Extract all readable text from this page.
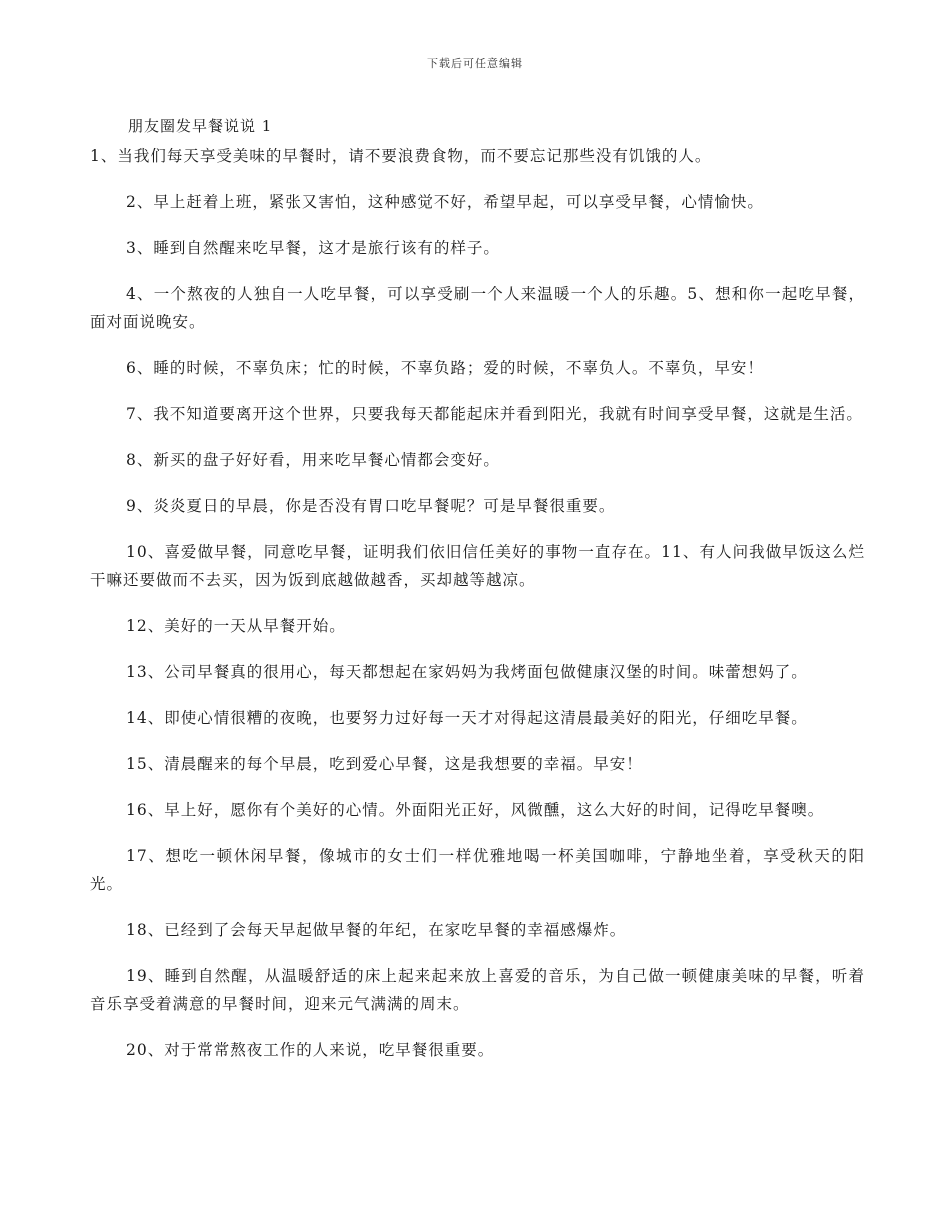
下载后可任意编辑
朋友圈发早餐说说 1

1、当我们每天享受美味的早餐时，请不要浪费食物，而不要忘记那些没有饥饿的人。

2、早上赶着上班，紧张又害怕，这种感觉不好，希望早起，可以享受早餐，心情愉快。

3、睡到自然醒来吃早餐，这才是旅行该有的样子。

4、一个熬夜的人独自一人吃早餐，可以享受刷一个人来温暖一个人的乐趣。5、想和你一起吃早餐，面对面说晚安。

6、睡的时候，不辜负床；忙的时候，不辜负路；爱的时候，不辜负人。不辜负，早安！

7、我不知道要离开这个世界，只要我每天都能起床并看到阳光，我就有时间享受早餐，这就是生活。

8、新买的盘子好好看，用来吃早餐心情都会变好。

9、炎炎夏日的早晨，你是否没有胃口吃早餐呢？可是早餐很重要。

10、喜爱做早餐，同意吃早餐，证明我们依旧信任美好的事物一直存在。11、有人问我做早饭这么烂干嘛还要做而不去买，因为饭到底越做越香，买却越等越凉。

12、美好的一天从早餐开始。

13、公司早餐真的很用心，每天都想起在家妈妈为我烤面包做健康汉堡的时间。味蕾想妈了。

14、即使心情很糟的夜晚，也要努力过好每一天才对得起这清晨最美好的阳光，仔细吃早餐。

15、清晨醒来的每个早晨，吃到爱心早餐，这是我想要的幸福。早安！

16、早上好，愿你有个美好的心情。外面阳光正好，风微醺，这么大好的时间，记得吃早餐噢。

17、想吃一顿休闲早餐，像城市的女士们一样优雅地喝一杯美国咖啡，宁静地坐着，享受秋天的阳光。

18、已经到了会每天早起做早餐的年纪，在家吃早餐的幸福感爆炸。

19、睡到自然醒，从温暖舒适的床上起来起来放上喜爱的音乐，为自己做一顿健康美味的早餐，听着音乐享受着满意的早餐时间，迎来元气满满的周末。

20、对于常常熬夜工作的人来说，吃早餐很重要。
